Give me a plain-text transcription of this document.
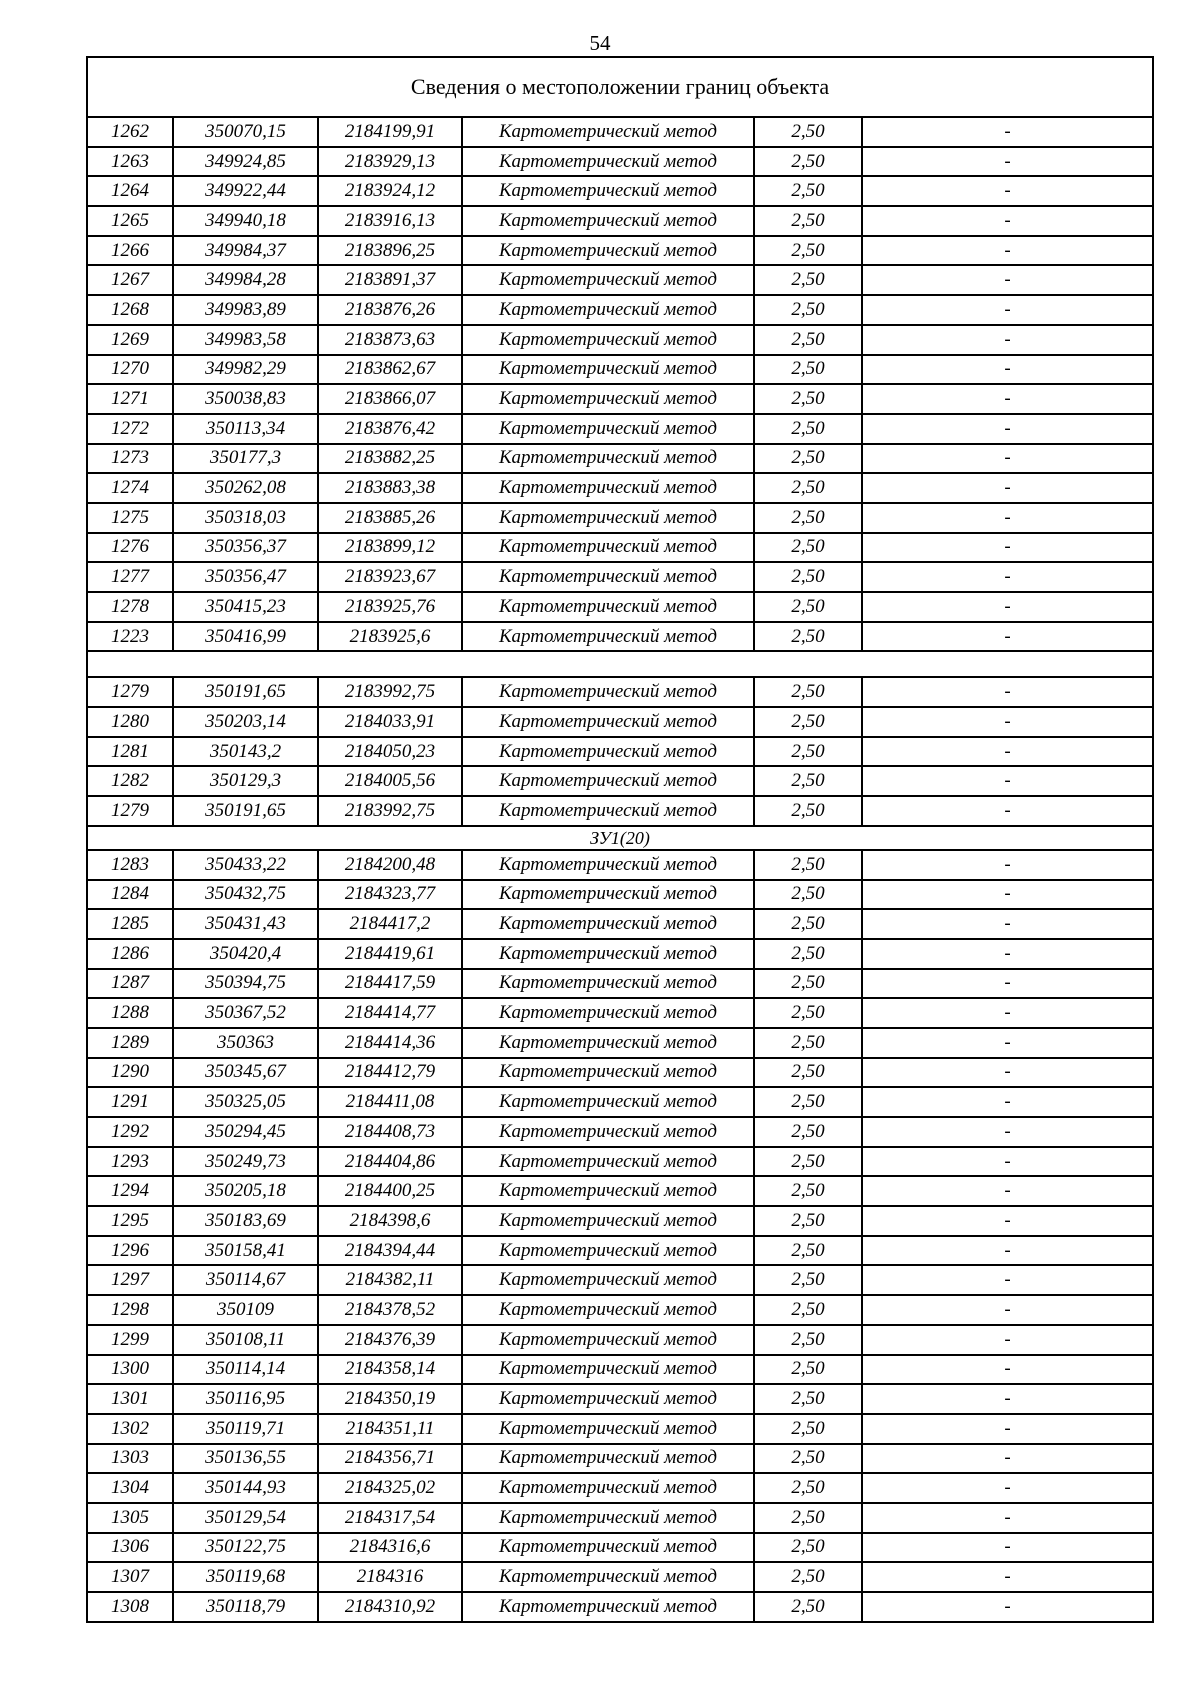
54
Сведения о местоположении границ объекта					
1262	350070,15	2184199,91	Картометрический метод	2,50	-
1263	349924,85	2183929,13	Картометрический метод	2,50	-
1264	349922,44	2183924,12	Картометрический метод	2,50	-
1265	349940,18	2183916,13	Картометрический метод	2,50	-
1266	349984,37	2183896,25	Картометрический метод	2,50	-
1267	349984,28	2183891,37	Картометрический метод	2,50	-
1268	349983,89	2183876,26	Картометрический метод	2,50	-
1269	349983,58	2183873,63	Картометрический метод	2,50	-
1270	349982,29	2183862,67	Картометрический метод	2,50	-
1271	350038,83	2183866,07	Картометрический метод	2,50	-
1272	350113,34	2183876,42	Картометрический метод	2,50	-
1273	350177,3	2183882,25	Картометрический метод	2,50	-
1274	350262,08	2183883,38	Картометрический метод	2,50	-
1275	350318,03	2183885,26	Картометрический метод	2,50	-
1276	350356,37	2183899,12	Картометрический метод	2,50	-
1277	350356,47	2183923,67	Картометрический метод	2,50	-
1278	350415,23	2183925,76	Картометрический метод	2,50	-
1223	350416,99	2183925,6	Картометрический метод	2,50	-

1279	350191,65	2183992,75	Картометрический метод	2,50	-
1280	350203,14	2184033,91	Картометрический метод	2,50	-
1281	350143,2	2184050,23	Картометрический метод	2,50	-
1282	350129,3	2184005,56	Картометрический метод	2,50	-
1279	350191,65	2183992,75	Картометрический метод	2,50	-
ЗУ1(20)					
1283	350433,22	2184200,48	Картометрический метод	2,50	-
1284	350432,75	2184323,77	Картометрический метод	2,50	-
1285	350431,43	2184417,2	Картометрический метод	2,50	-
1286	350420,4	2184419,61	Картометрический метод	2,50	-
1287	350394,75	2184417,59	Картометрический метод	2,50	-
1288	350367,52	2184414,77	Картометрический метод	2,50	-
1289	350363	2184414,36	Картометрический метод	2,50	-
1290	350345,67	2184412,79	Картометрический метод	2,50	-
1291	350325,05	2184411,08	Картометрический метод	2,50	-
1292	350294,45	2184408,73	Картометрический метод	2,50	-
1293	350249,73	2184404,86	Картометрический метод	2,50	-
1294	350205,18	2184400,25	Картометрический метод	2,50	-
1295	350183,69	2184398,6	Картометрический метод	2,50	-
1296	350158,41	2184394,44	Картометрический метод	2,50	-
1297	350114,67	2184382,11	Картометрический метод	2,50	-
1298	350109	2184378,52	Картометрический метод	2,50	-
1299	350108,11	2184376,39	Картометрический метод	2,50	-
1300	350114,14	2184358,14	Картометрический метод	2,50	-
1301	350116,95	2184350,19	Картометрический метод	2,50	-
1302	350119,71	2184351,11	Картометрический метод	2,50	-
1303	350136,55	2184356,71	Картометрический метод	2,50	-
1304	350144,93	2184325,02	Картометрический метод	2,50	-
1305	350129,54	2184317,54	Картометрический метод	2,50	-
1306	350122,75	2184316,6	Картометрический метод	2,50	-
1307	350119,68	2184316	Картометрический метод	2,50	-
1308	350118,79	2184310,92	Картометрический метод	2,50	-
